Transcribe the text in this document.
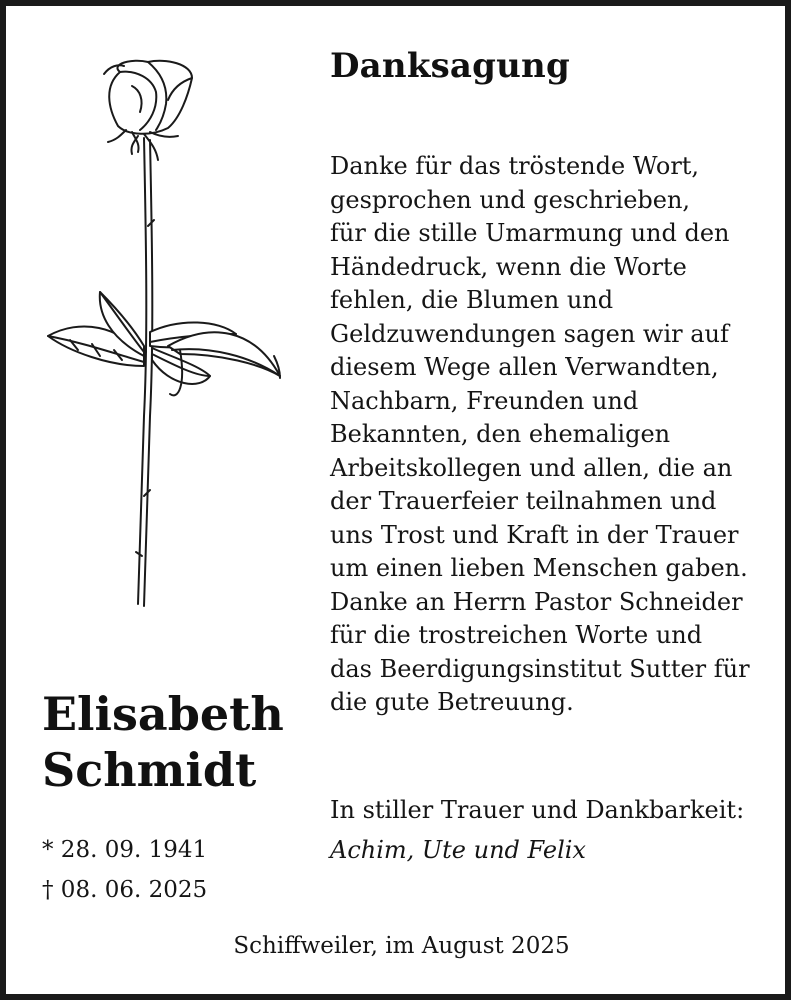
Danksagung
Danke für das tröstende Wort,
gesprochen und geschrieben,
für die stille Umarmung und den
Händedruck, wenn die Worte
fehlen, die Blumen und
Geldzuwendungen sagen wir auf
diesem Wege allen Verwandten,
Nachbarn, Freunden und
Bekannten, den ehemaligen
Arbeitskollegen und allen, die an
der Trauerfeier teilnahmen und
uns Trost und Kraft in der Trauer
um einen lieben Menschen gaben.
Danke an Herrn Pastor Schneider
für die trostreichen Worte und
das Beerdigungsinstitut Sutter für
die gute Betreuung.
Elisabeth
Schmidt
* 28. 09. 1941
† 08. 06. 2025
In stiller Trauer und Dankbarkeit:
Achim, Ute und Felix
Schiffweiler, im August 2025
